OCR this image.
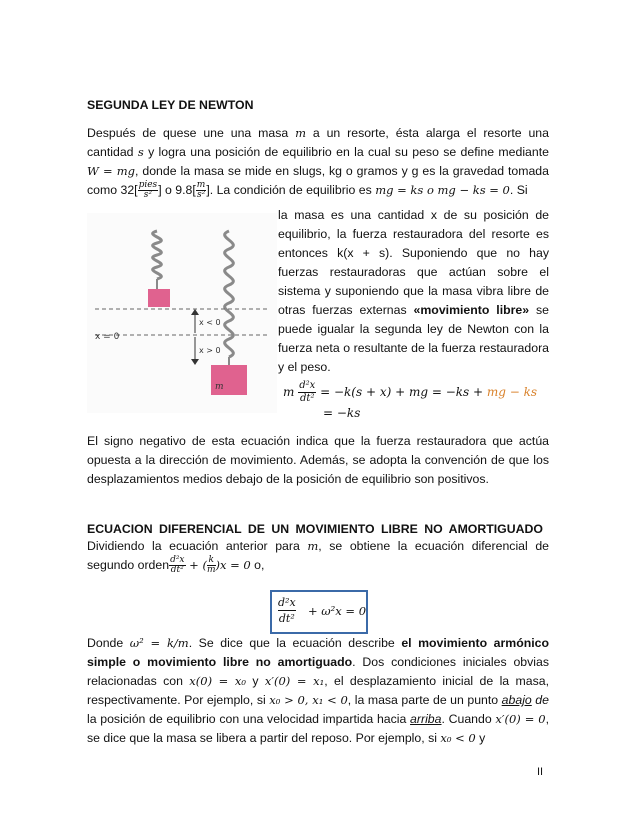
SEGUNDA LEY DE NEWTON
Después de quese une una masa m a un resorte, ésta alarga el resorte una cantidad s y logra una posición de equilibrio en la cual su peso se define mediante W = mg, donde la masa se mide en slugs, kg o gramos y g es la gravedad tomada como $32[ \frac{\text{pies}}{\text{s²}}$ ] o $9.8[ \frac{m}{\text{s²}}$ ]. La condición de equilibrio es mg = ks o mg − ks = 0. Si
x = 0
x < 0
x > 0
m
la masa es una cantidad x de su posición de equilibrio, la fuerza restauradora del resorte es entonces k(x + s). Suponiendo que no hay fuerzas restauradoras que actúan sobre el sistema y suponiendo que la masa vibra libre de otras fuerzas externas «movimiento libre» se puede igualar la segunda ley de Newton con la fuerza neta o resultante de la fuerza restauradora y el peso.
m $\frac{\text{d²x}}{\text{dt²}} = -k(s + x)$ + mg = −ks + mg − ks
= −ks
El signo negativo de esta ecuación indica que la fuerza restauradora que actúa opuesta a la dirección de movimiento. Además, se adopta la convención de que los desplazamientos medios debajo de la posición de equilibrio son positivos.
ECUACION DIFERENCIAL DE UN MOVIMIENTO LIBRE NO AMORTIGUADO
Dividiendo la ecuación anterior para m, se obtiene la ecuación diferencial de segundo orden $\frac{\text{d²x}}{\text{dt²}}$ + ( $\frac{k}{m} )x = 0$ o,
$\frac{\text{d²x}}{\text{dt²}} + \omega^2x = 0$
Donde ω² = k/m. Se dice que la ecuación describe el movimiento armónico simple o movimiento libre no amortiguado. Dos condiciones iniciales obvias relacionadas con x(0) = x₀ y x′(0) = x₁, el desplazamiento inicial de la masa, respectivamente. Por ejemplo, si x₀ > 0, x₁ < 0, la masa parte de un punto abajo de la posición de equilibrio con una velocidad impartida hacia arriba. Cuando x′(0) = 0, se dice que la masa se libera a partir del reposo. Por ejemplo, si x₀ < 0 y
II
